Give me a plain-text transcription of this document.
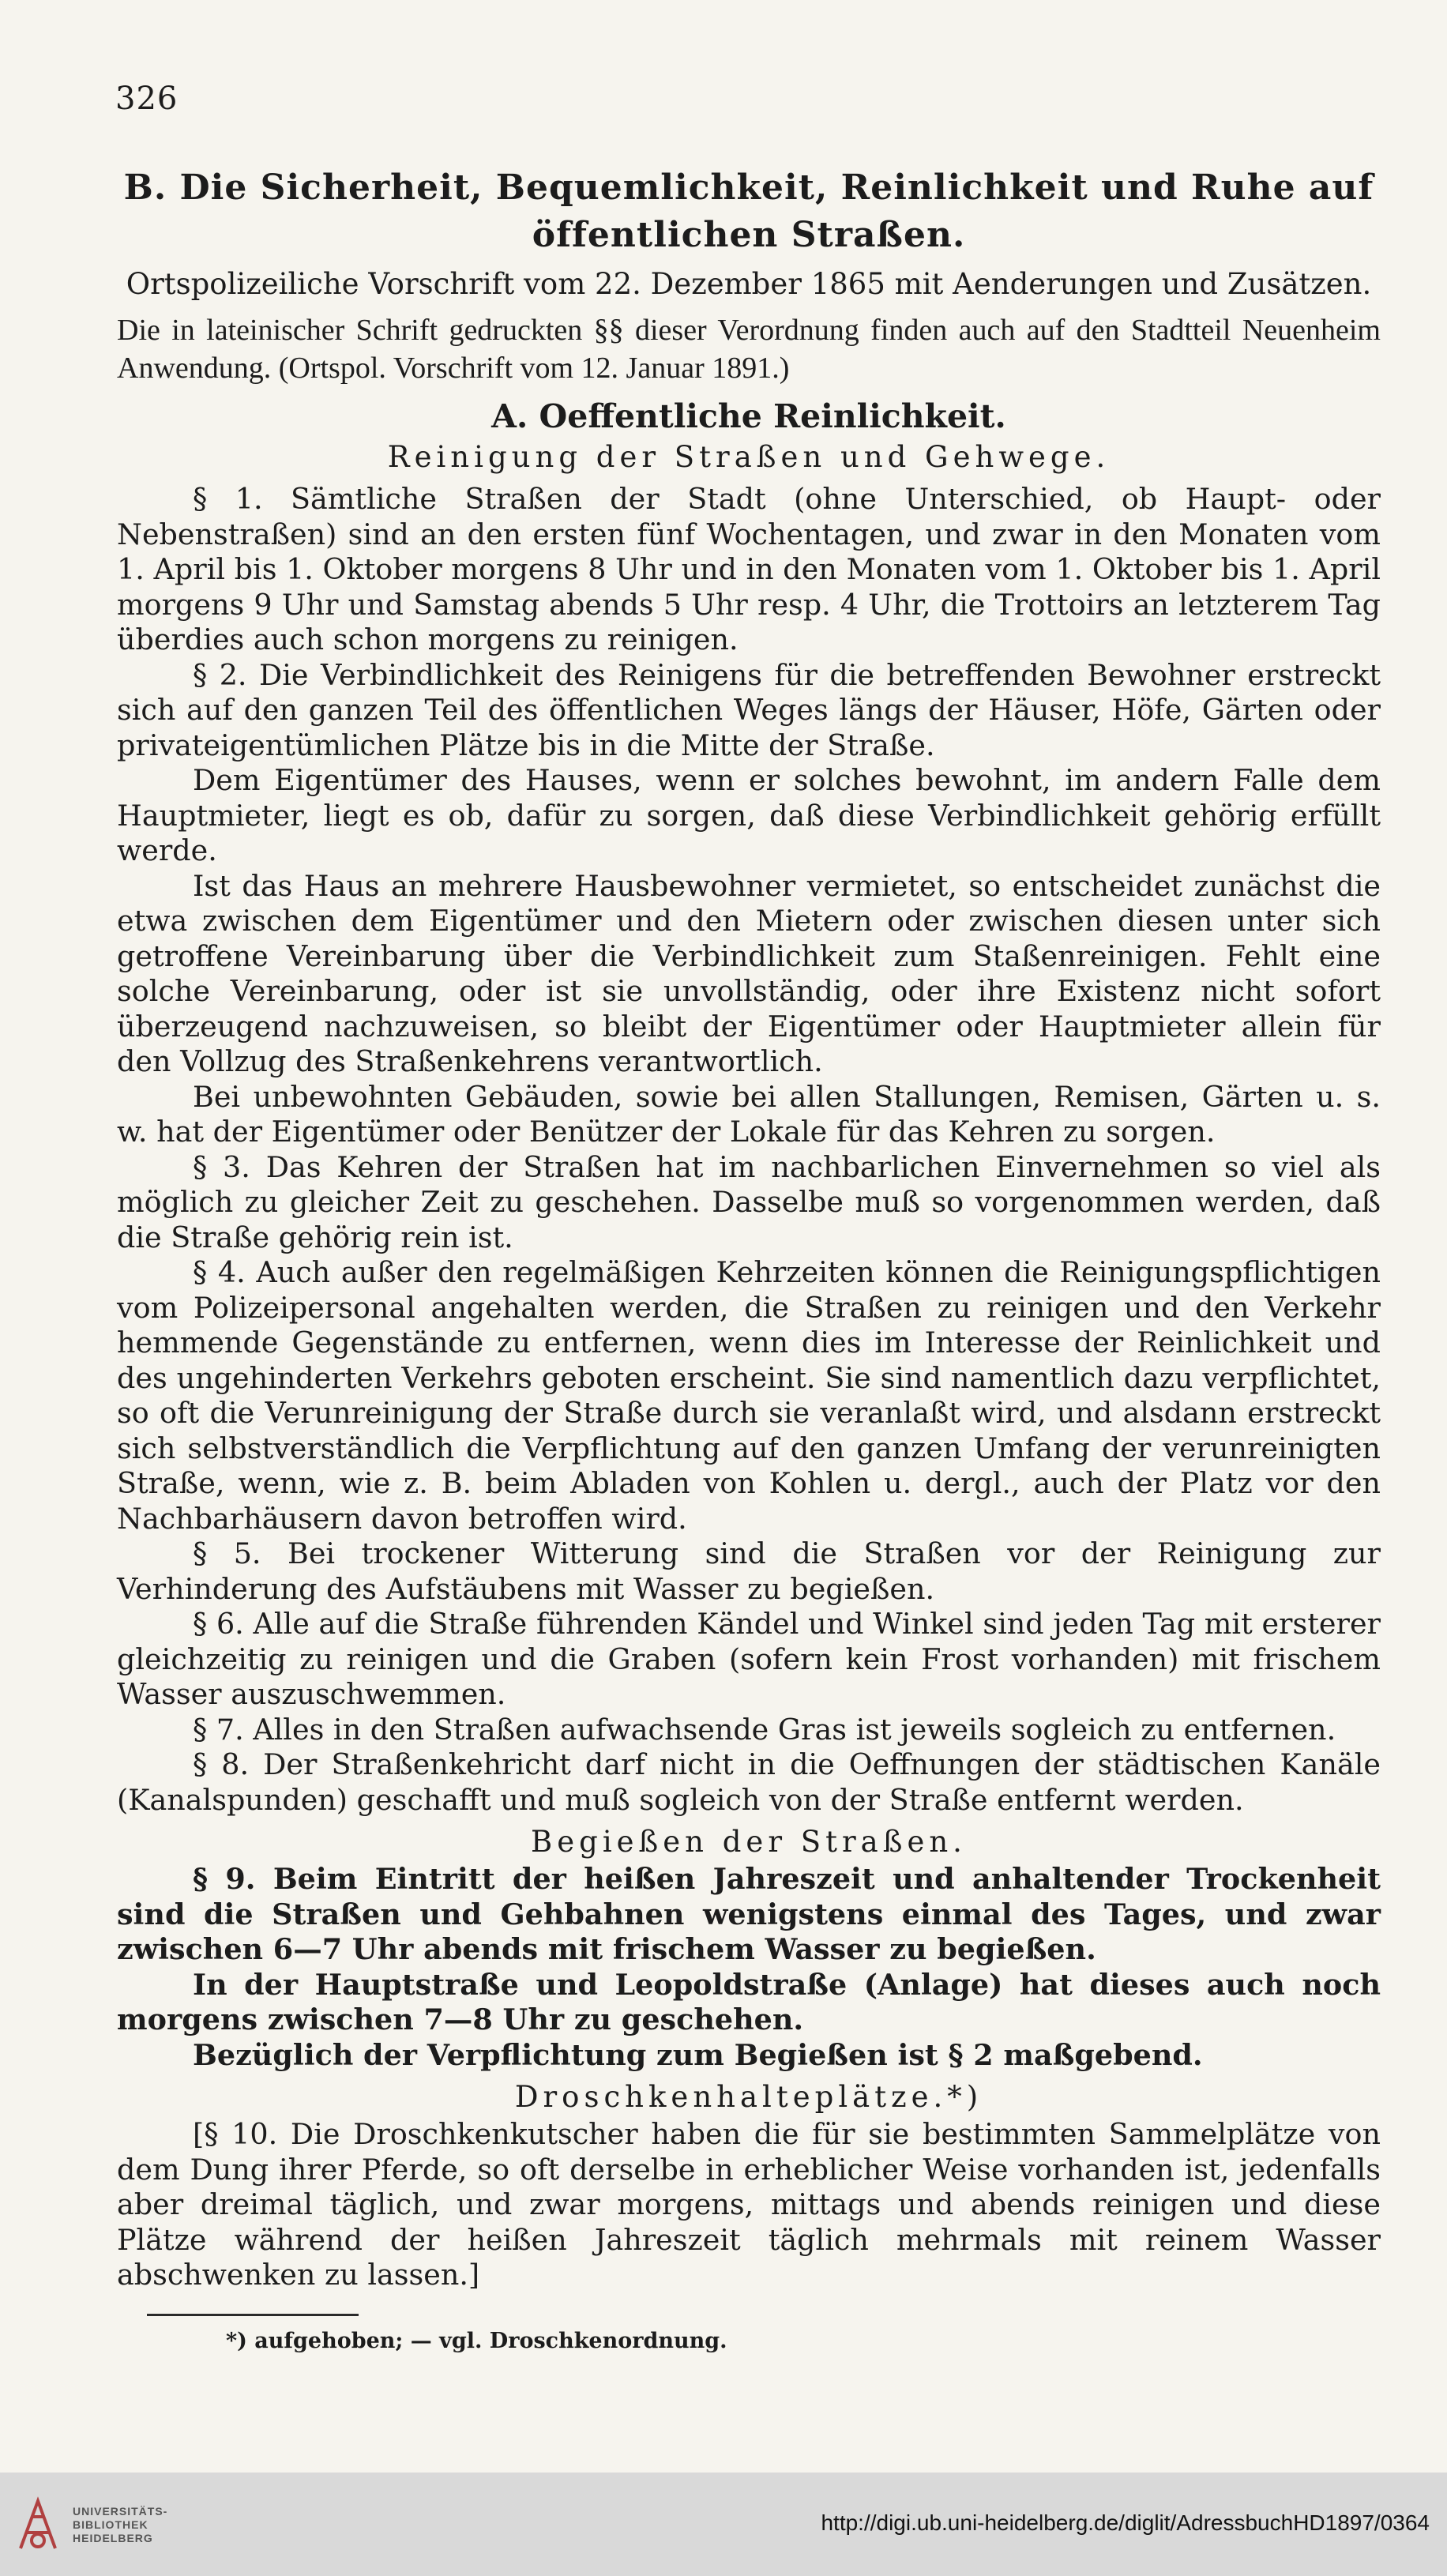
326
B. Die Sicherheit, Bequemlichkeit, Reinlichkeit und Ruhe auf
öffentlichen Straßen.
Ortspolizeiliche Vorschrift vom 22. Dezember 1865 mit Aenderungen und Zusätzen.
Die in lateinischer Schrift gedruckten §§ dieser Verordnung finden auch auf den Stadtteil Neuenheim Anwendung. (Ortspol. Vorschrift vom 12. Januar 1891.)
A. Oeffentliche Reinlichkeit.
Reinigung der Straßen und Gehwege.
§ 1. Sämtliche Straßen der Stadt (ohne Unterschied, ob Haupt- oder Nebenstraßen) sind an den ersten fünf Wochentagen, und zwar in den Monaten vom 1. April bis 1. Oktober morgens 8 Uhr und in den Monaten vom 1. Oktober bis 1. April morgens 9 Uhr und Samstag abends 5 Uhr resp. 4 Uhr, die Trottoirs an letzterem Tag überdies auch schon morgens zu reinigen.
§ 2. Die Verbindlichkeit des Reinigens für die betreffenden Bewohner erstreckt sich auf den ganzen Teil des öffentlichen Weges längs der Häuser, Höfe, Gärten oder privateigentümlichen Plätze bis in die Mitte der Straße.
Dem Eigentümer des Hauses, wenn er solches bewohnt, im andern Falle dem Hauptmieter, liegt es ob, dafür zu sorgen, daß diese Verbindlichkeit gehörig erfüllt werde.
Ist das Haus an mehrere Hausbewohner vermietet, so entscheidet zunächst die etwa zwischen dem Eigentümer und den Mietern oder zwischen diesen unter sich getroffene Vereinbarung über die Verbindlichkeit zum Staßenreinigen. Fehlt eine solche Vereinbarung, oder ist sie unvollständig, oder ihre Existenz nicht sofort überzeugend nachzuweisen, so bleibt der Eigentümer oder Hauptmieter allein für den Vollzug des Straßenkehrens verantwortlich.
Bei unbewohnten Gebäuden, sowie bei allen Stallungen, Remisen, Gärten u. s. w. hat der Eigentümer oder Benützer der Lokale für das Kehren zu sorgen.
§ 3. Das Kehren der Straßen hat im nachbarlichen Einvernehmen so viel als möglich zu gleicher Zeit zu geschehen. Dasselbe muß so vorgenommen werden, daß die Straße gehörig rein ist.
§ 4. Auch außer den regelmäßigen Kehrzeiten können die Reinigungspflichtigen vom Polizeipersonal angehalten werden, die Straßen zu reinigen und den Verkehr hemmende Gegenstände zu entfernen, wenn dies im Interesse der Reinlichkeit und des ungehinderten Verkehrs geboten erscheint. Sie sind namentlich dazu verpflichtet, so oft die Verunreinigung der Straße durch sie veranlaßt wird, und alsdann erstreckt sich selbstverständlich die Verpflichtung auf den ganzen Umfang der verunreinigten Straße, wenn, wie z. B. beim Abladen von Kohlen u. dergl., auch der Platz vor den Nachbarhäusern davon betroffen wird.
§ 5. Bei trockener Witterung sind die Straßen vor der Reinigung zur Verhinderung des Aufstäubens mit Wasser zu begießen.
§ 6. Alle auf die Straße führenden Kändel und Winkel sind jeden Tag mit ersterer gleichzeitig zu reinigen und die Graben (sofern kein Frost vorhanden) mit frischem Wasser auszuschwemmen.
§ 7. Alles in den Straßen aufwachsende Gras ist jeweils sogleich zu entfernen.
§ 8. Der Straßenkehricht darf nicht in die Oeffnungen der städtischen Kanäle (Kanalspunden) geschafft und muß sogleich von der Straße entfernt werden.
Begießen der Straßen.
§ 9. Beim Eintritt der heißen Jahreszeit und anhaltender Trockenheit sind die Straßen und Gehbahnen wenigstens einmal des Tages, und zwar zwischen 6—7 Uhr abends mit frischem Wasser zu begießen.
In der Hauptstraße und Leopoldstraße (Anlage) hat dieses auch noch morgens zwischen 7—8 Uhr zu geschehen.
Bezüglich der Verpflichtung zum Begießen ist § 2 maßgebend.
Droschkenhalteplätze.*)
[§ 10. Die Droschkenkutscher haben die für sie bestimmten Sammelplätze von dem Dung ihrer Pferde, so oft derselbe in erheblicher Weise vorhanden ist, jedenfalls aber dreimal täglich, und zwar morgens, mittags und abends reinigen und diese Plätze während der heißen Jahreszeit täglich mehrmals mit reinem Wasser abschwenken zu lassen.]
*) aufgehoben; — vgl. Droschkenordnung.
UNIVERSITÄTS-
BIBLIOTHEK
HEIDELBERG
http://digi.ub.uni-heidelberg.de/diglit/AdressbuchHD1897/0364
